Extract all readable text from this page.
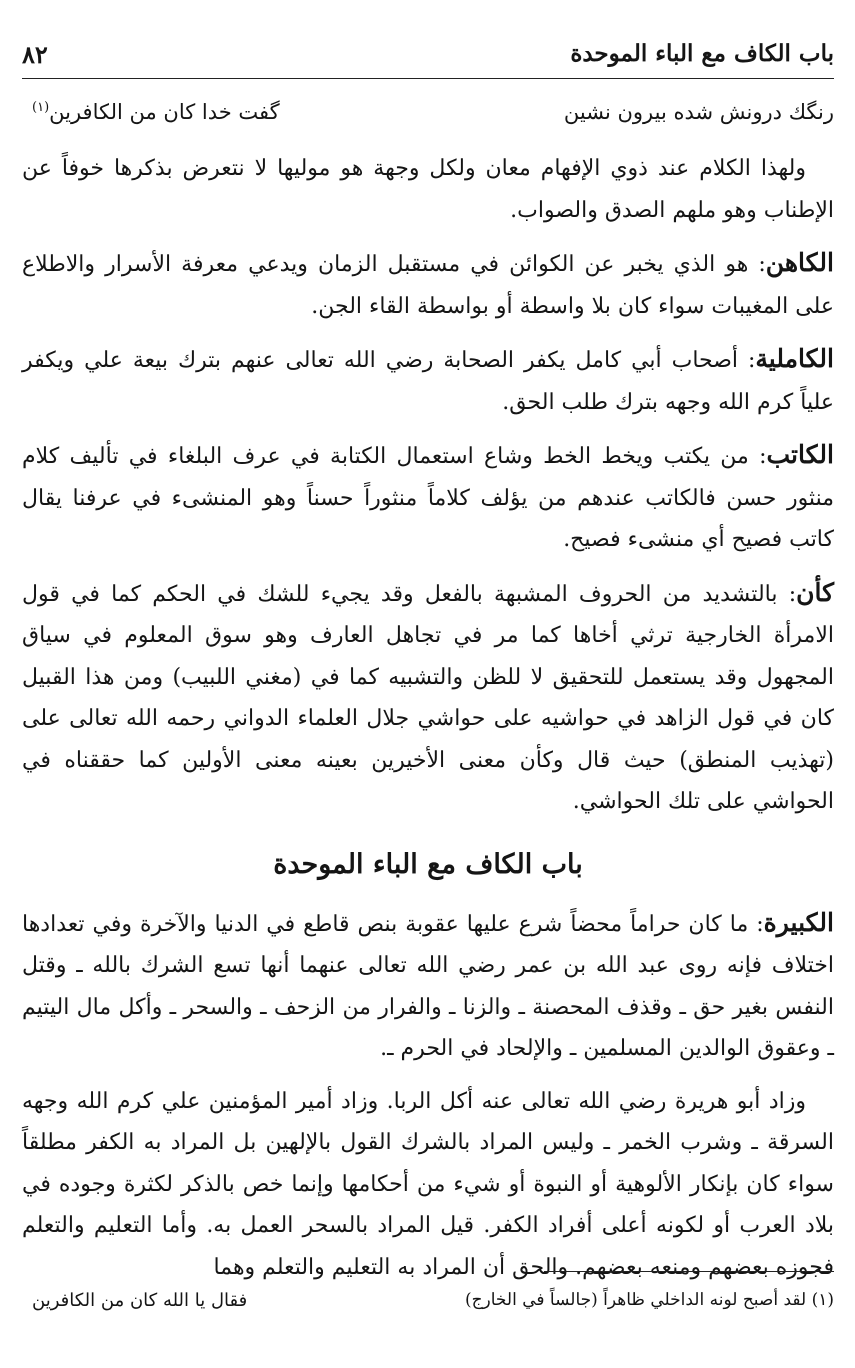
٨٢	باب الكاف مع الباء الموحدة
رنگك درونش شده بيرون نشين
گفت خدا كان من الكافرين$^{(١)}$

ولهذا الكلام عند ذوي الإفهام معان ولكل وجهة هو موليها لا نتعرض بذكرها خوفاً عن الإطناب وهو ملهم الصدق والصواب.

الكاهن: هو الذي يخبر عن الكوائن في مستقبل الزمان ويدعي معرفة الأسرار والاطلاع على المغيبات سواء كان بلا واسطة أو بواسطة القاء الجن.

الكاملية: أصحاب أبي كامل يكفر الصحابة رضي الله تعالى عنهم بترك بيعة علي ويكفر علياً كرم الله وجهه بترك طلب الحق.

الكاتب: من يكتب ويخط الخط وشاع استعمال الكتابة في عرف البلغاء في تأليف كلام منثور حسن فالكاتب عندهم من يؤلف كلاماً منثوراً حسناً وهو المنشىء في عرفنا يقال كاتب فصيح أي منشىء فصيح.

كأن: بالتشديد من الحروف المشبهة بالفعل وقد يجيء للشك في الحكم كما في قول الامرأة الخارجية ترثي أخاها كما مر في تجاهل العارف وهو سوق المعلوم في سياق المجهول وقد يستعمل للتحقيق لا للظن والتشبيه كما في (مغني اللبيب) ومن هذا القبيل كان في قول الزاهد في حواشيه على حواشي جلال العلماء الدواني رحمه الله تعالى على (تهذيب المنطق) حيث قال وكأن معنى الأخيرين بعينه معنى الأولين كما حققناه في الحواشي على تلك الحواشي.

باب الكاف مع الباء الموحدة

الكبيرة: ما كان حراماً محضاً شرع عليها عقوبة بنص قاطع في الدنيا والآخرة وفي تعدادها اختلاف فإنه روى عبد الله بن عمر رضي الله تعالى عنهما أنها تسع الشرك بالله ـ وقتل النفس بغير حق ـ وقذف المحصنة ـ والزنا ـ والفرار من الزحف ـ والسحر ـ وأكل مال اليتيم ـ وعقوق الوالدين المسلمين ـ والإلحاد في الحرم ـ.

وزاد أبو هريرة رضي الله تعالى عنه أكل الربا. وزاد أمير المؤمنين علي كرم الله وجهه السرقة ـ وشرب الخمر ـ وليس المراد بالشرك القول بالإلهين بل المراد به الكفر مطلقاً سواء كان بإنكار الألوهية أو النبوة أو شيء من أحكامها وإنما خص بالذكر لكثرة وجوده في بلاد العرب أو لكونه أعلى أفراد الكفر. قيل المراد بالسحر العمل به. وأما التعليم والتعلم فجوزه بعضهم ومنعه بعضهم. والحق أن المراد به التعليم والتعلم وهما

(١) لقد أصبح لونه الداخلي ظاهراً (جالساً في الخارج)
فقال يا الله كان من الكافرين
